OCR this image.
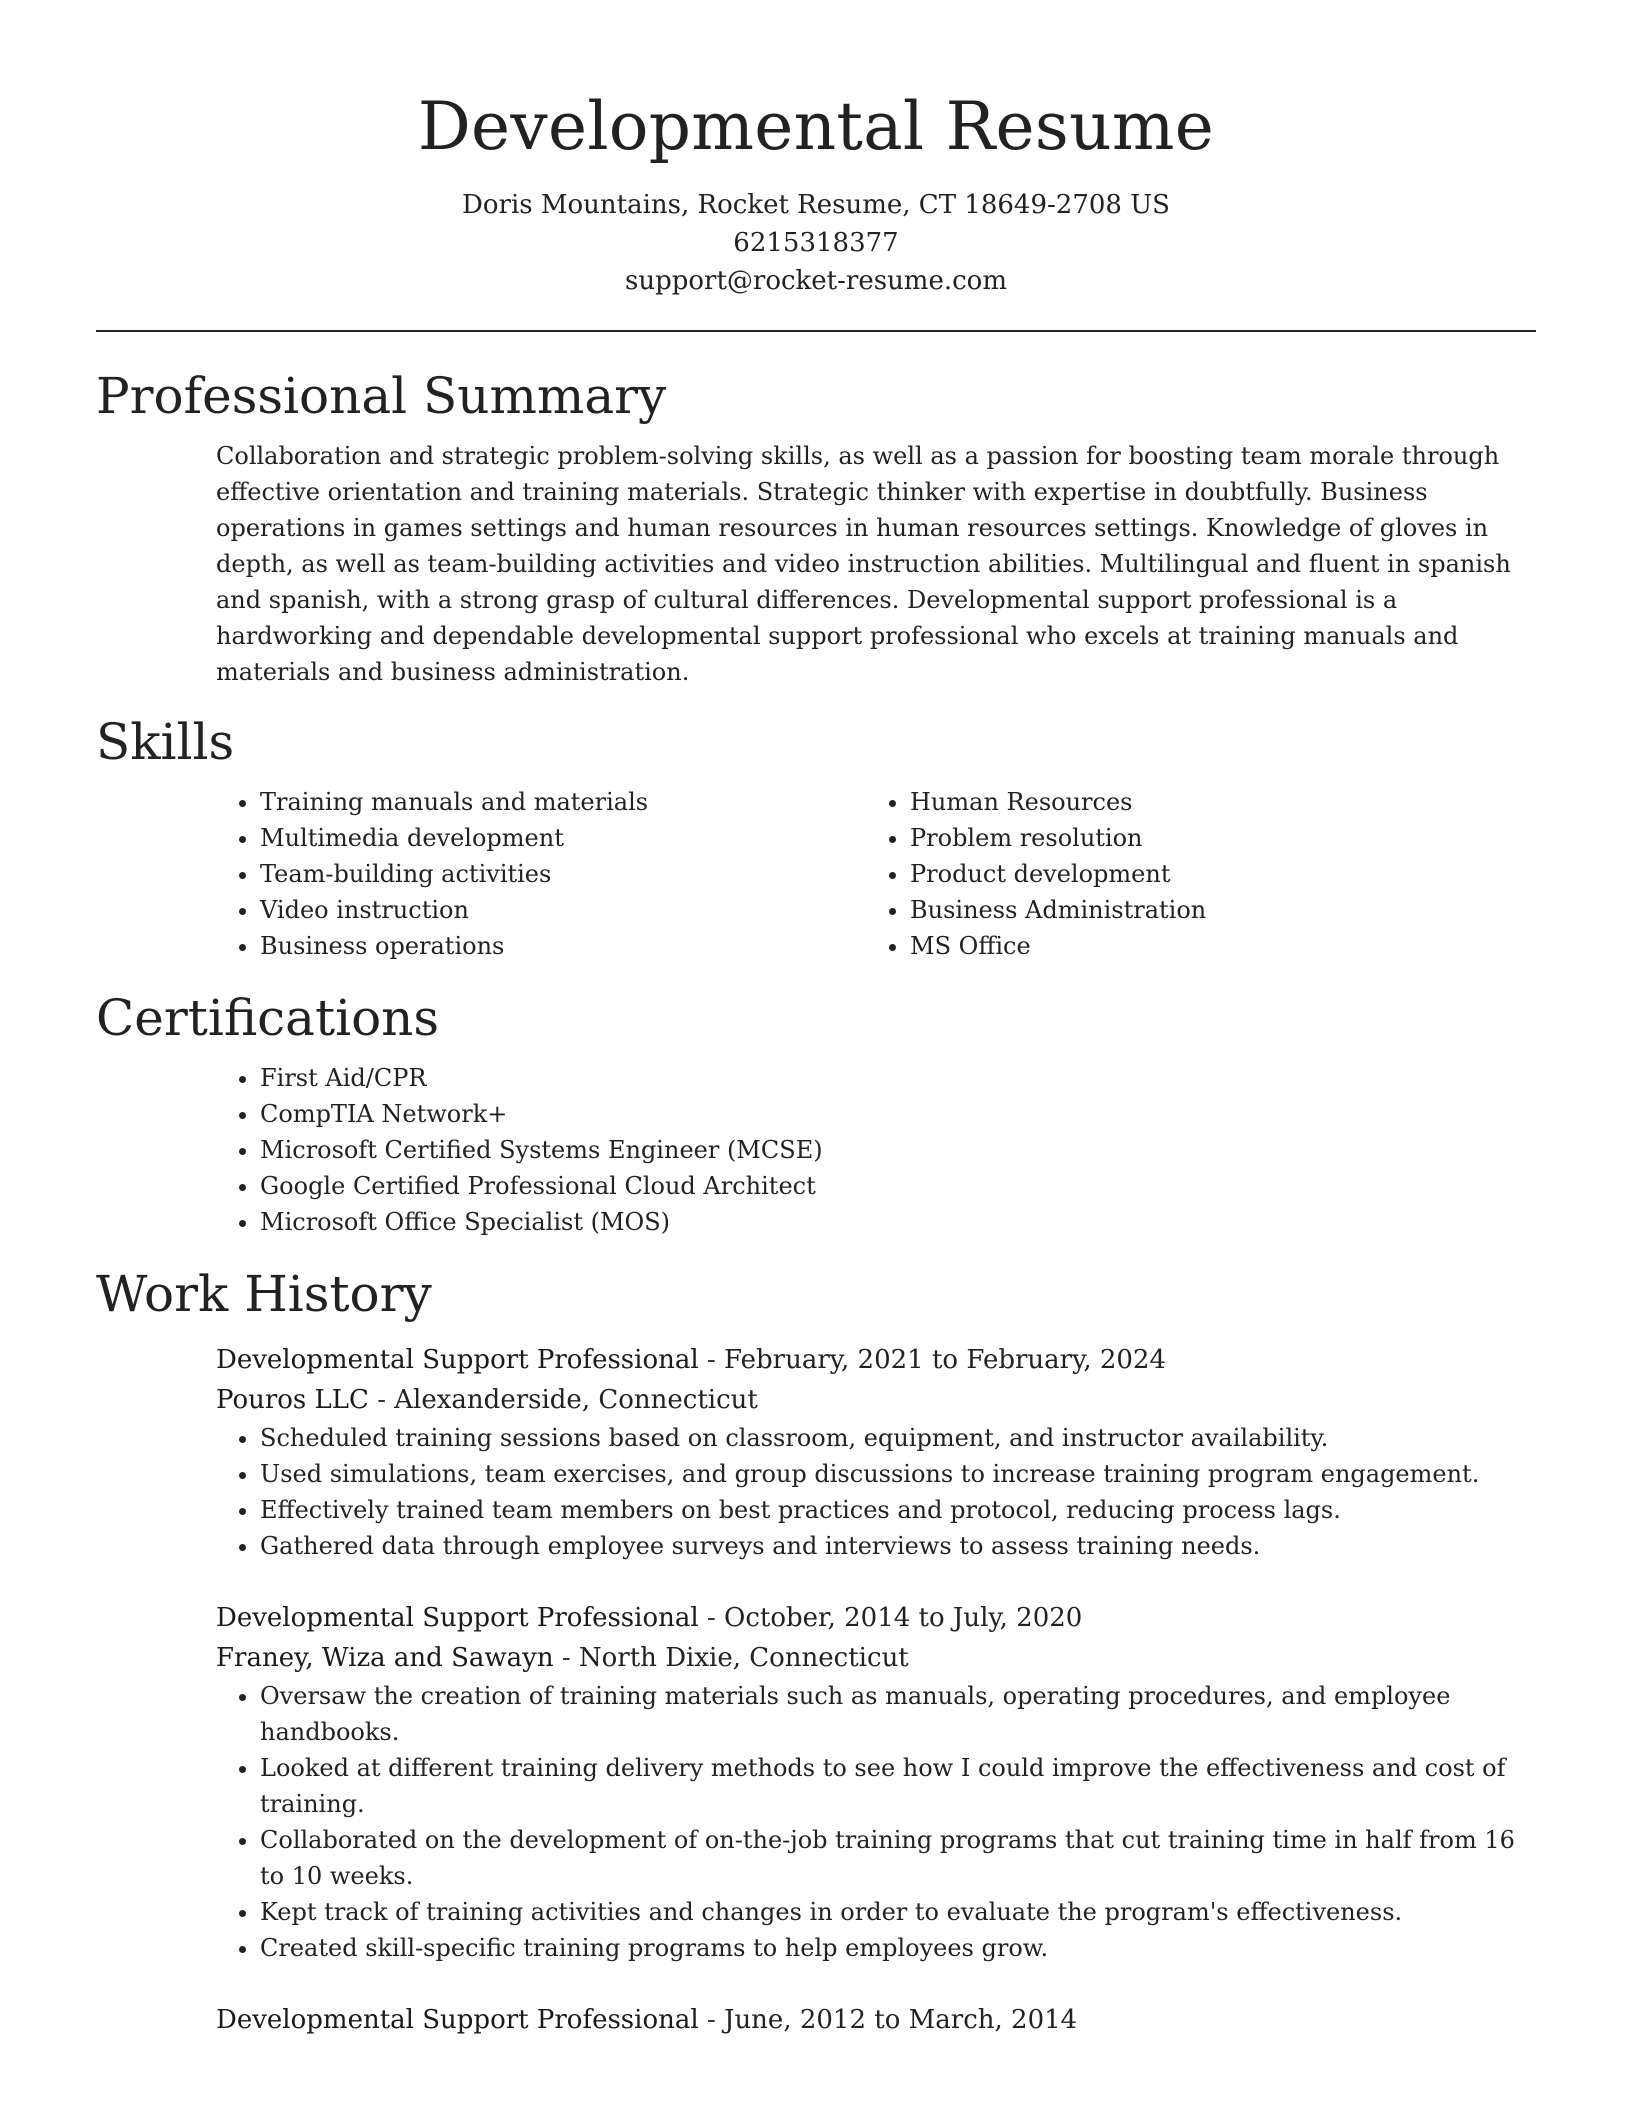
Developmental Resume
Doris Mountains, Rocket Resume, CT 18649-2708 US
6215318377
support@rocket-resume.com
Professional Summary

Collaboration and strategic problem-solving skills, as well as a passion for boosting team morale through effective orientation and training materials. Strategic thinker with expertise in doubtfully. Business operations in games settings and human resources in human resources settings. Knowledge of gloves in depth, as well as team-building activities and video instruction abilities. Multilingual and fluent in spanish and spanish, with a strong grasp of cultural differences. Developmental support professional is a hardworking and dependable developmental support professional who excels at training manuals and materials and business administration.

Skills
• Training manuals and materials
• Multimedia development
• Team-building activities
• Video instruction
• Business operations
• Human Resources
• Problem resolution
• Product development
• Business Administration
• MS Office
Certifications
• First Aid/CPR
• CompTIA Network+
• Microsoft Certified Systems Engineer (MCSE)
• Google Certified Professional Cloud Architect
• Microsoft Office Specialist (MOS)
Work History
Developmental Support Professional - February, 2021 to February, 2024
Pouros LLC - Alexanderside, Connecticut
• Scheduled training sessions based on classroom, equipment, and instructor availability.
• Used simulations, team exercises, and group discussions to increase training program engagement.
• Effectively trained team members on best practices and protocol, reducing process lags.
• Gathered data through employee surveys and interviews to assess training needs.
Developmental Support Professional - October, 2014 to July, 2020
Franey, Wiza and Sawayn - North Dixie, Connecticut
• Oversaw the creation of training materials such as manuals, operating procedures, and employee handbooks.
• Looked at different training delivery methods to see how I could improve the effectiveness and cost of training.
• Collaborated on the development of on-the-job training programs that cut training time in half from 16 to 10 weeks.
• Kept track of training activities and changes in order to evaluate the program's effectiveness.
• Created skill-specific training programs to help employees grow.
Developmental Support Professional - June, 2012 to March, 2014
